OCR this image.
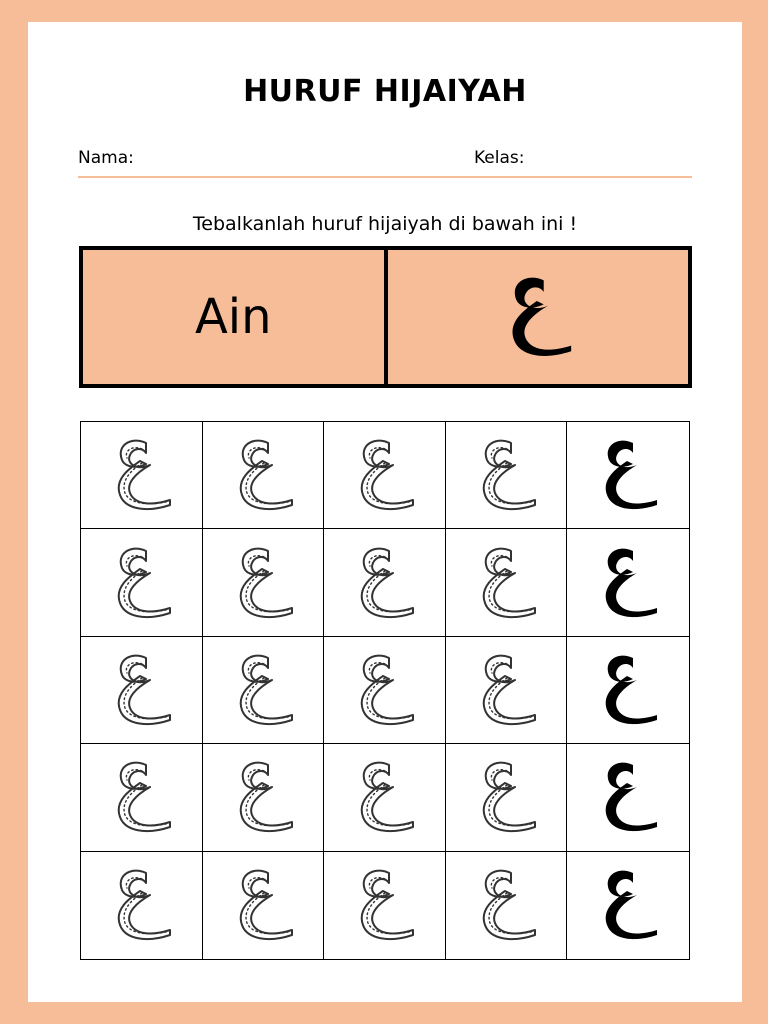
HURUF HIJAIYAH
Nama:	Kelas:
Tebalkanlah huruf hijaiyah di bawah ini !
Ain
